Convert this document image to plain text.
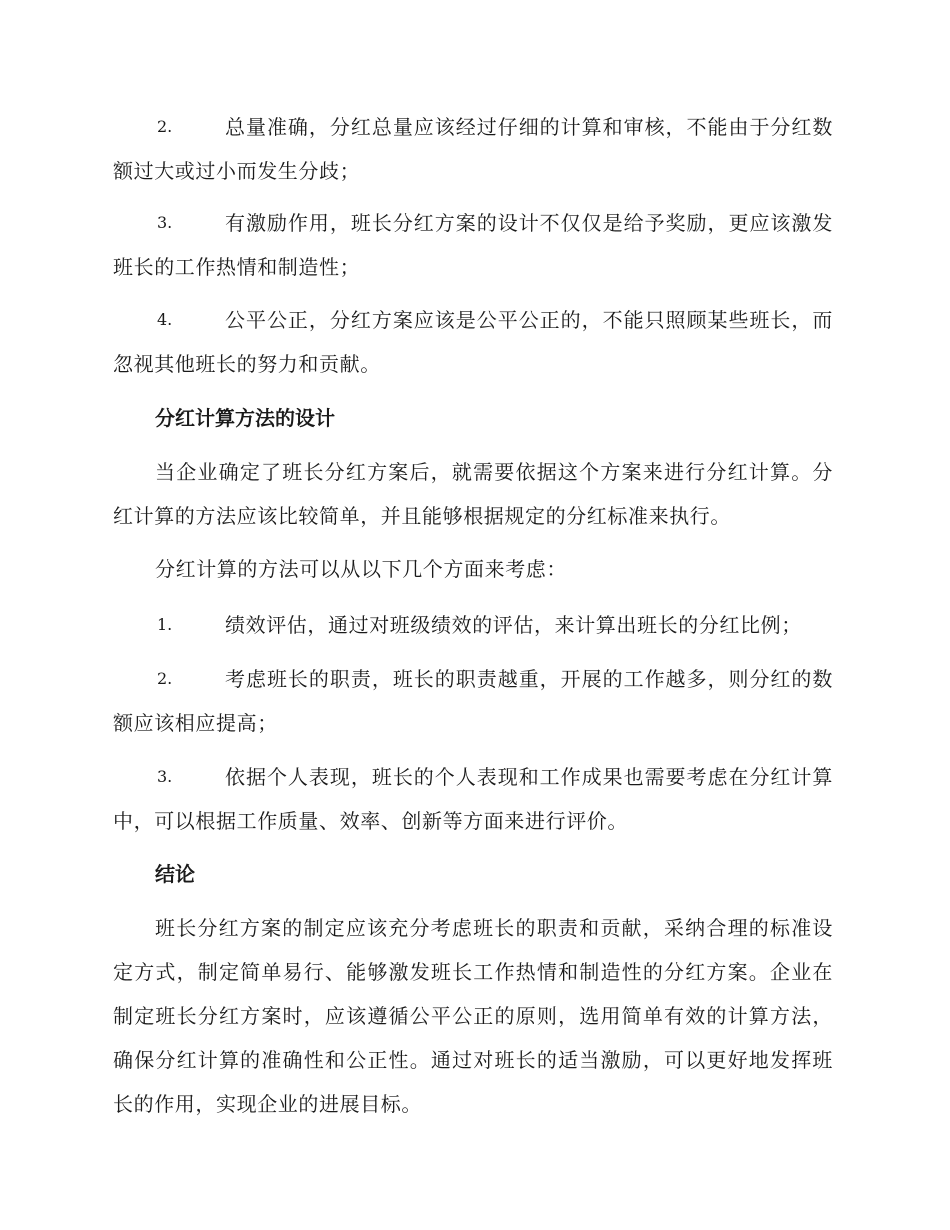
2.	总量准确，分红总量应该经过仔细的计算和审核，不能由于分红数额过大或过小而发生分歧；
3.	有激励作用，班长分红方案的设计不仅仅是给予奖励，更应该激发班长的工作热情和制造性；
4.	公平公正，分红方案应该是公平公正的，不能只照顾某些班长，而忽视其他班长的努力和贡献。
分红计算方法的设计
当企业确定了班长分红方案后，就需要依据这个方案来进行分红计算。分红计算的方法应该比较简单，并且能够根据规定的分红标准来执行。
分红计算的方法可以从以下几个方面来考虑：
1.	绩效评估，通过对班级绩效的评估，来计算出班长的分红比例；
2.	考虑班长的职责，班长的职责越重，开展的工作越多，则分红的数额应该相应提高；
3.	依据个人表现，班长的个人表现和工作成果也需要考虑在分红计算中，可以根据工作质量、效率、创新等方面来进行评价。
结论
班长分红方案的制定应该充分考虑班长的职责和贡献，采纳合理的标准设定方式，制定简单易行、能够激发班长工作热情和制造性的分红方案。企业在制定班长分红方案时，应该遵循公平公正的原则，选用简单有效的计算方法，确保分红计算的准确性和公正性。通过对班长的适当激励，可以更好地发挥班长的作用，实现企业的进展目标。
